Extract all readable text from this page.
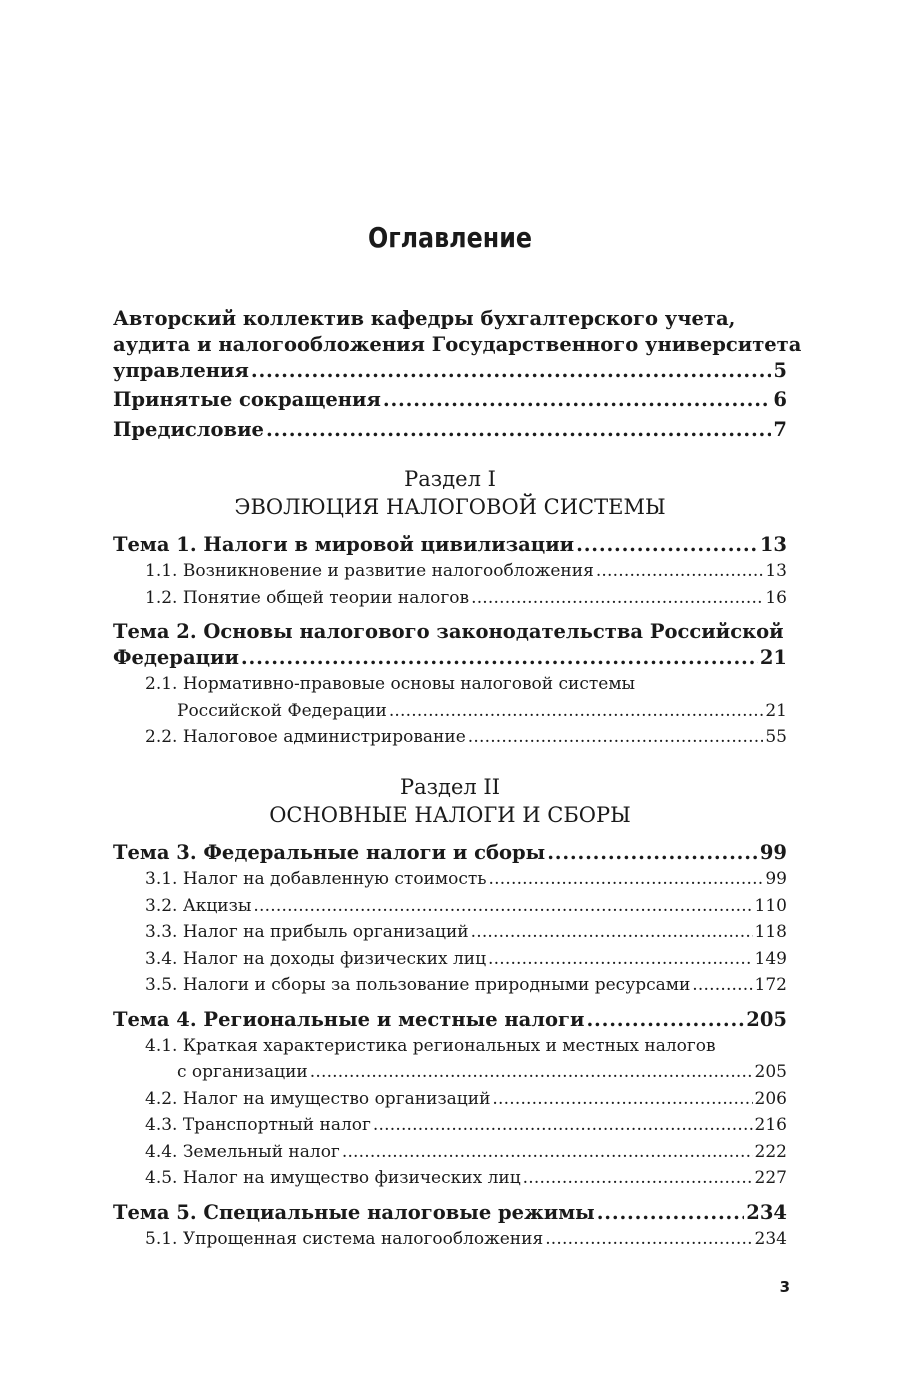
Оглавление
Авторский коллектив кафедры бухгалтерского учета,
аудита и налогообложения Государственного университета
управления . . .	5
Принятые сокращения . . .	6
Предисловие . . .	7
Раздел I
ЭВОЛЮЦИЯ НАЛОГОВОЙ СИСТЕМЫ
Тема 1. Налоги в мировой цивилизации . . .	13
1.1. Возникновение и развитие налогообложения . . .	13
1.2. Понятие общей теории налогов . . .	16
Тема 2. Основы налогового законодательства Российской
Федерации . . .	21
2.1. Нормативно-правовые основы налоговой системы
Российской Федерации . . .	21
2.2. Налоговое администрирование . . .	55
Раздел II
ОСНОВНЫЕ НАЛОГИ И СБОРЫ
Тема 3. Федеральные налоги и сборы . . .	99
3.1. Налог на добавленную стоимость . . .	99
3.2. Акцизы . . .	110
3.3. Налог на прибыль организаций . . .	118
3.4. Налог на доходы физических лиц . . .	149
3.5. Налоги и сборы за пользование природными ресурсами . . .	172
Тема 4. Региональные и местные налоги . . .	205
4.1. Краткая характеристика региональных и местных налогов
с организации . . .	205
4.2. Налог на имущество организаций . . .	206
4.3. Транспортный налог . . .	216
4.4. Земельный налог . . .	222
4.5. Налог на имущество физических лиц . . .	227
Тема 5. Специальные налоговые режимы . . .	234
5.1. Упрощенная система налогообложения . . .	234
3
